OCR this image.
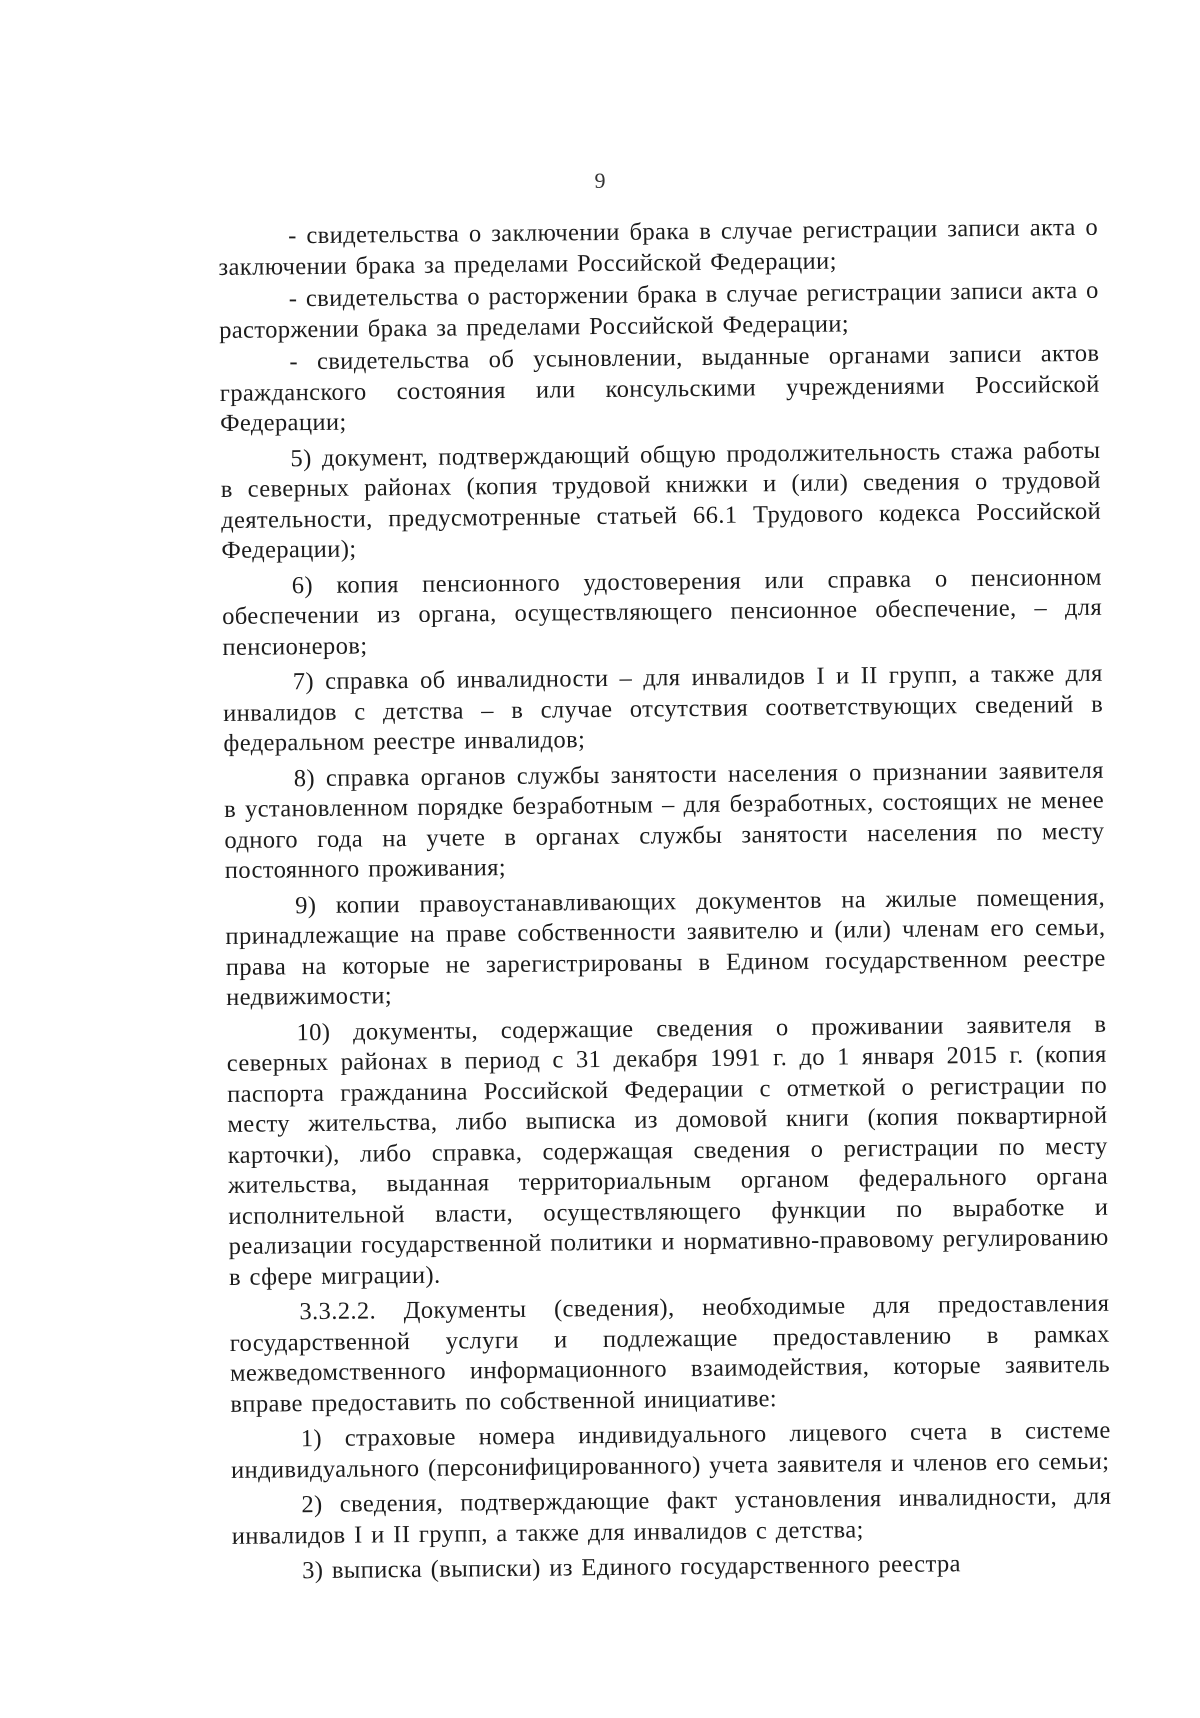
9

- свидетельства о заключении брака в случае регистрации записи акта о заключении брака за пределами Российской Федерации;

- свидетельства о расторжении брака в случае регистрации записи акта о расторжении брака за пределами Российской Федерации;

- свидетельства об усыновлении, выданные органами записи актов гражданского состояния или консульскими учреждениями Российской Федерации;

5) документ, подтверждающий общую продолжительность стажа работы в северных районах (копия трудовой книжки и (или) сведения о трудовой деятельности, предусмотренные статьей 66.1 Трудового кодекса Российской Федерации);

6) копия пенсионного удостоверения или справка о пенсионном обеспечении из органа, осуществляющего пенсионное обеспечение, – для пенсионеров;

7) справка об инвалидности – для инвалидов I и II групп, а также для инвалидов с детства – в случае отсутствия соответствующих сведений в федеральном реестре инвалидов;

8) справка органов службы занятости населения о признании заявителя в установленном порядке безработным – для безработных, состоящих не менее одного года на учете в органах службы занятости населения по месту постоянного проживания;

9) копии правоустанавливающих документов на жилые помещения, принадлежащие на праве собственности заявителю и (или) членам его семьи, права на которые не зарегистрированы в Едином государственном реестре недвижимости;

10) документы, содержащие сведения о проживании заявителя в северных районах в период с 31 декабря 1991 г. до 1 января 2015 г. (копия паспорта гражданина Российской Федерации с отметкой о регистрации по месту жительства, либо выписка из домовой книги (копия поквартирной карточки), либо справка, содержащая сведения о регистрации по месту жительства, выданная территориальным органом федерального органа исполнительной власти, осуществляющего функции по выработке и реализации государственной политики и нормативно-правовому регулированию в сфере миграции).

3.3.2.2. Документы (сведения), необходимые для предоставления государственной услуги и подлежащие предоставлению в рамках межведомственного информационного взаимодействия, которые заявитель вправе предоставить по собственной инициативе:

1) страховые номера индивидуального лицевого счета в системе индивидуального (персонифицированного) учета заявителя и членов его семьи;

2) сведения, подтверждающие факт установления инвалидности, для инвалидов I и II групп, а также для инвалидов с детства;

3) выписка (выписки) из Единого государственного реестра
